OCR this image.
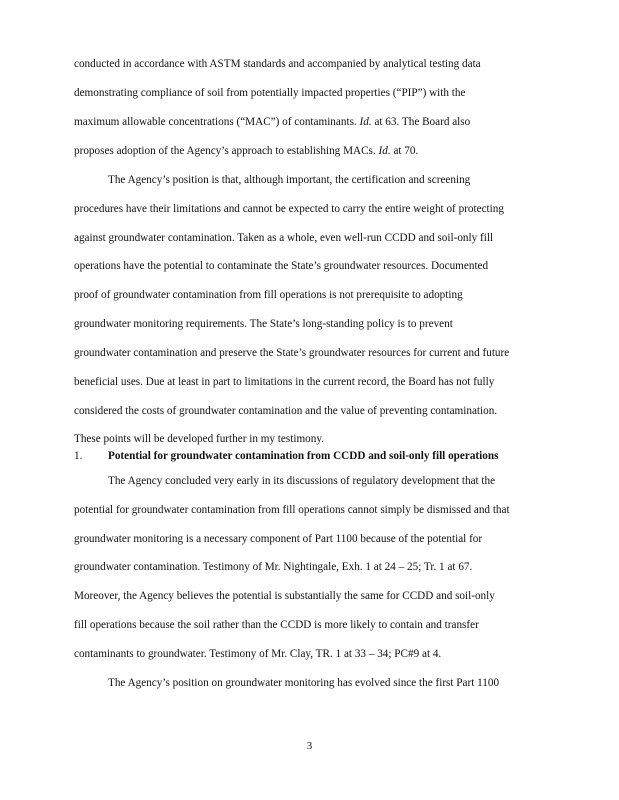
conducted in accordance with ASTM standards and accompanied by analytical testing data
demonstrating compliance of soil from potentially impacted properties (“PIP”) with the
maximum allowable concentrations (“MAC”) of contaminants. Id. at 63. The Board also
proposes adoption of the Agency’s approach to establishing MACs. Id. at 70.
The Agency’s position is that, although important, the certification and screening
procedures have their limitations and cannot be expected to carry the entire weight of protecting
against groundwater contamination. Taken as a whole, even well-run CCDD and soil-only fill
operations have the potential to contaminate the State’s groundwater resources. Documented
proof of groundwater contamination from fill operations is not prerequisite to adopting
groundwater monitoring requirements. The State’s long-standing policy is to prevent
groundwater contamination and preserve the State’s groundwater resources for current and future
beneficial uses. Due at least in part to limitations in the current record, the Board has not fully
considered the costs of groundwater contamination and the value of preventing contamination.
These points will be developed further in my testimony.
1. Potential for groundwater contamination from CCDD and soil-only fill operations
The Agency concluded very early in its discussions of regulatory development that the
potential for groundwater contamination from fill operations cannot simply be dismissed and that
groundwater monitoring is a necessary component of Part 1100 because of the potential for
groundwater contamination. Testimony of Mr. Nightingale, Exh. 1 at 24 – 25; Tr. 1 at 67.
Moreover, the Agency believes the potential is substantially the same for CCDD and soil-only
fill operations because the soil rather than the CCDD is more likely to contain and transfer
contaminants to groundwater. Testimony of Mr. Clay, TR. 1 at 33 – 34; PC#9 at 4.
The Agency’s position on groundwater monitoring has evolved since the first Part 1100
3
